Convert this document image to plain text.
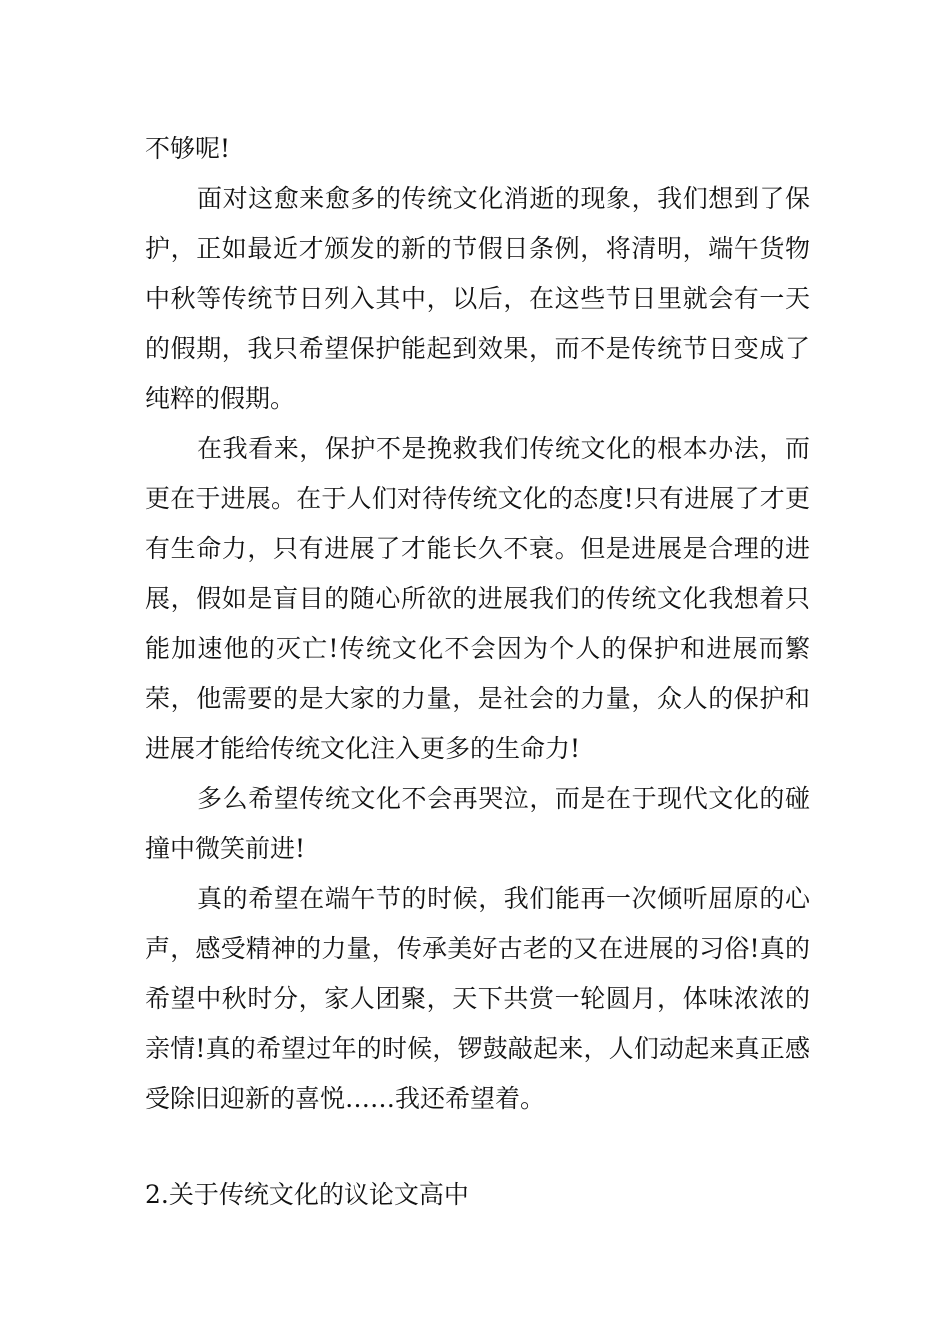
不够呢!

面对这愈来愈多的传统文化消逝的现象，我们想到了保护，正如最近才颁发的新的节假日条例，将清明，端午货物中秋等传统节日列入其中，以后，在这些节日里就会有一天的假期，我只希望保护能起到效果，而不是传统节日变成了纯粹的假期。

在我看来，保护不是挽救我们传统文化的根本办法，而更在于进展。在于人们对待传统文化的态度!只有进展了才更有生命力，只有进展了才能长久不衰。但是进展是合理的进展，假如是盲目的随心所欲的进展我们的传统文化我想着只能加速他的灭亡!传统文化不会因为个人的保护和进展而繁荣，他需要的是大家的力量，是社会的力量，众人的保护和进展才能给传统文化注入更多的生命力!

多么希望传统文化不会再哭泣，而是在于现代文化的碰撞中微笑前进!

真的希望在端午节的时候，我们能再一次倾听屈原的心声，感受精神的力量，传承美好古老的又在进展的习俗!真的希望中秋时分，家人团聚，天下共赏一轮圆月，体味浓浓的亲情!真的希望过年的时候，锣鼓敲起来，人们动起来真正感受除旧迎新的喜悦……我还希望着。

2.关于传统文化的议论文高中
